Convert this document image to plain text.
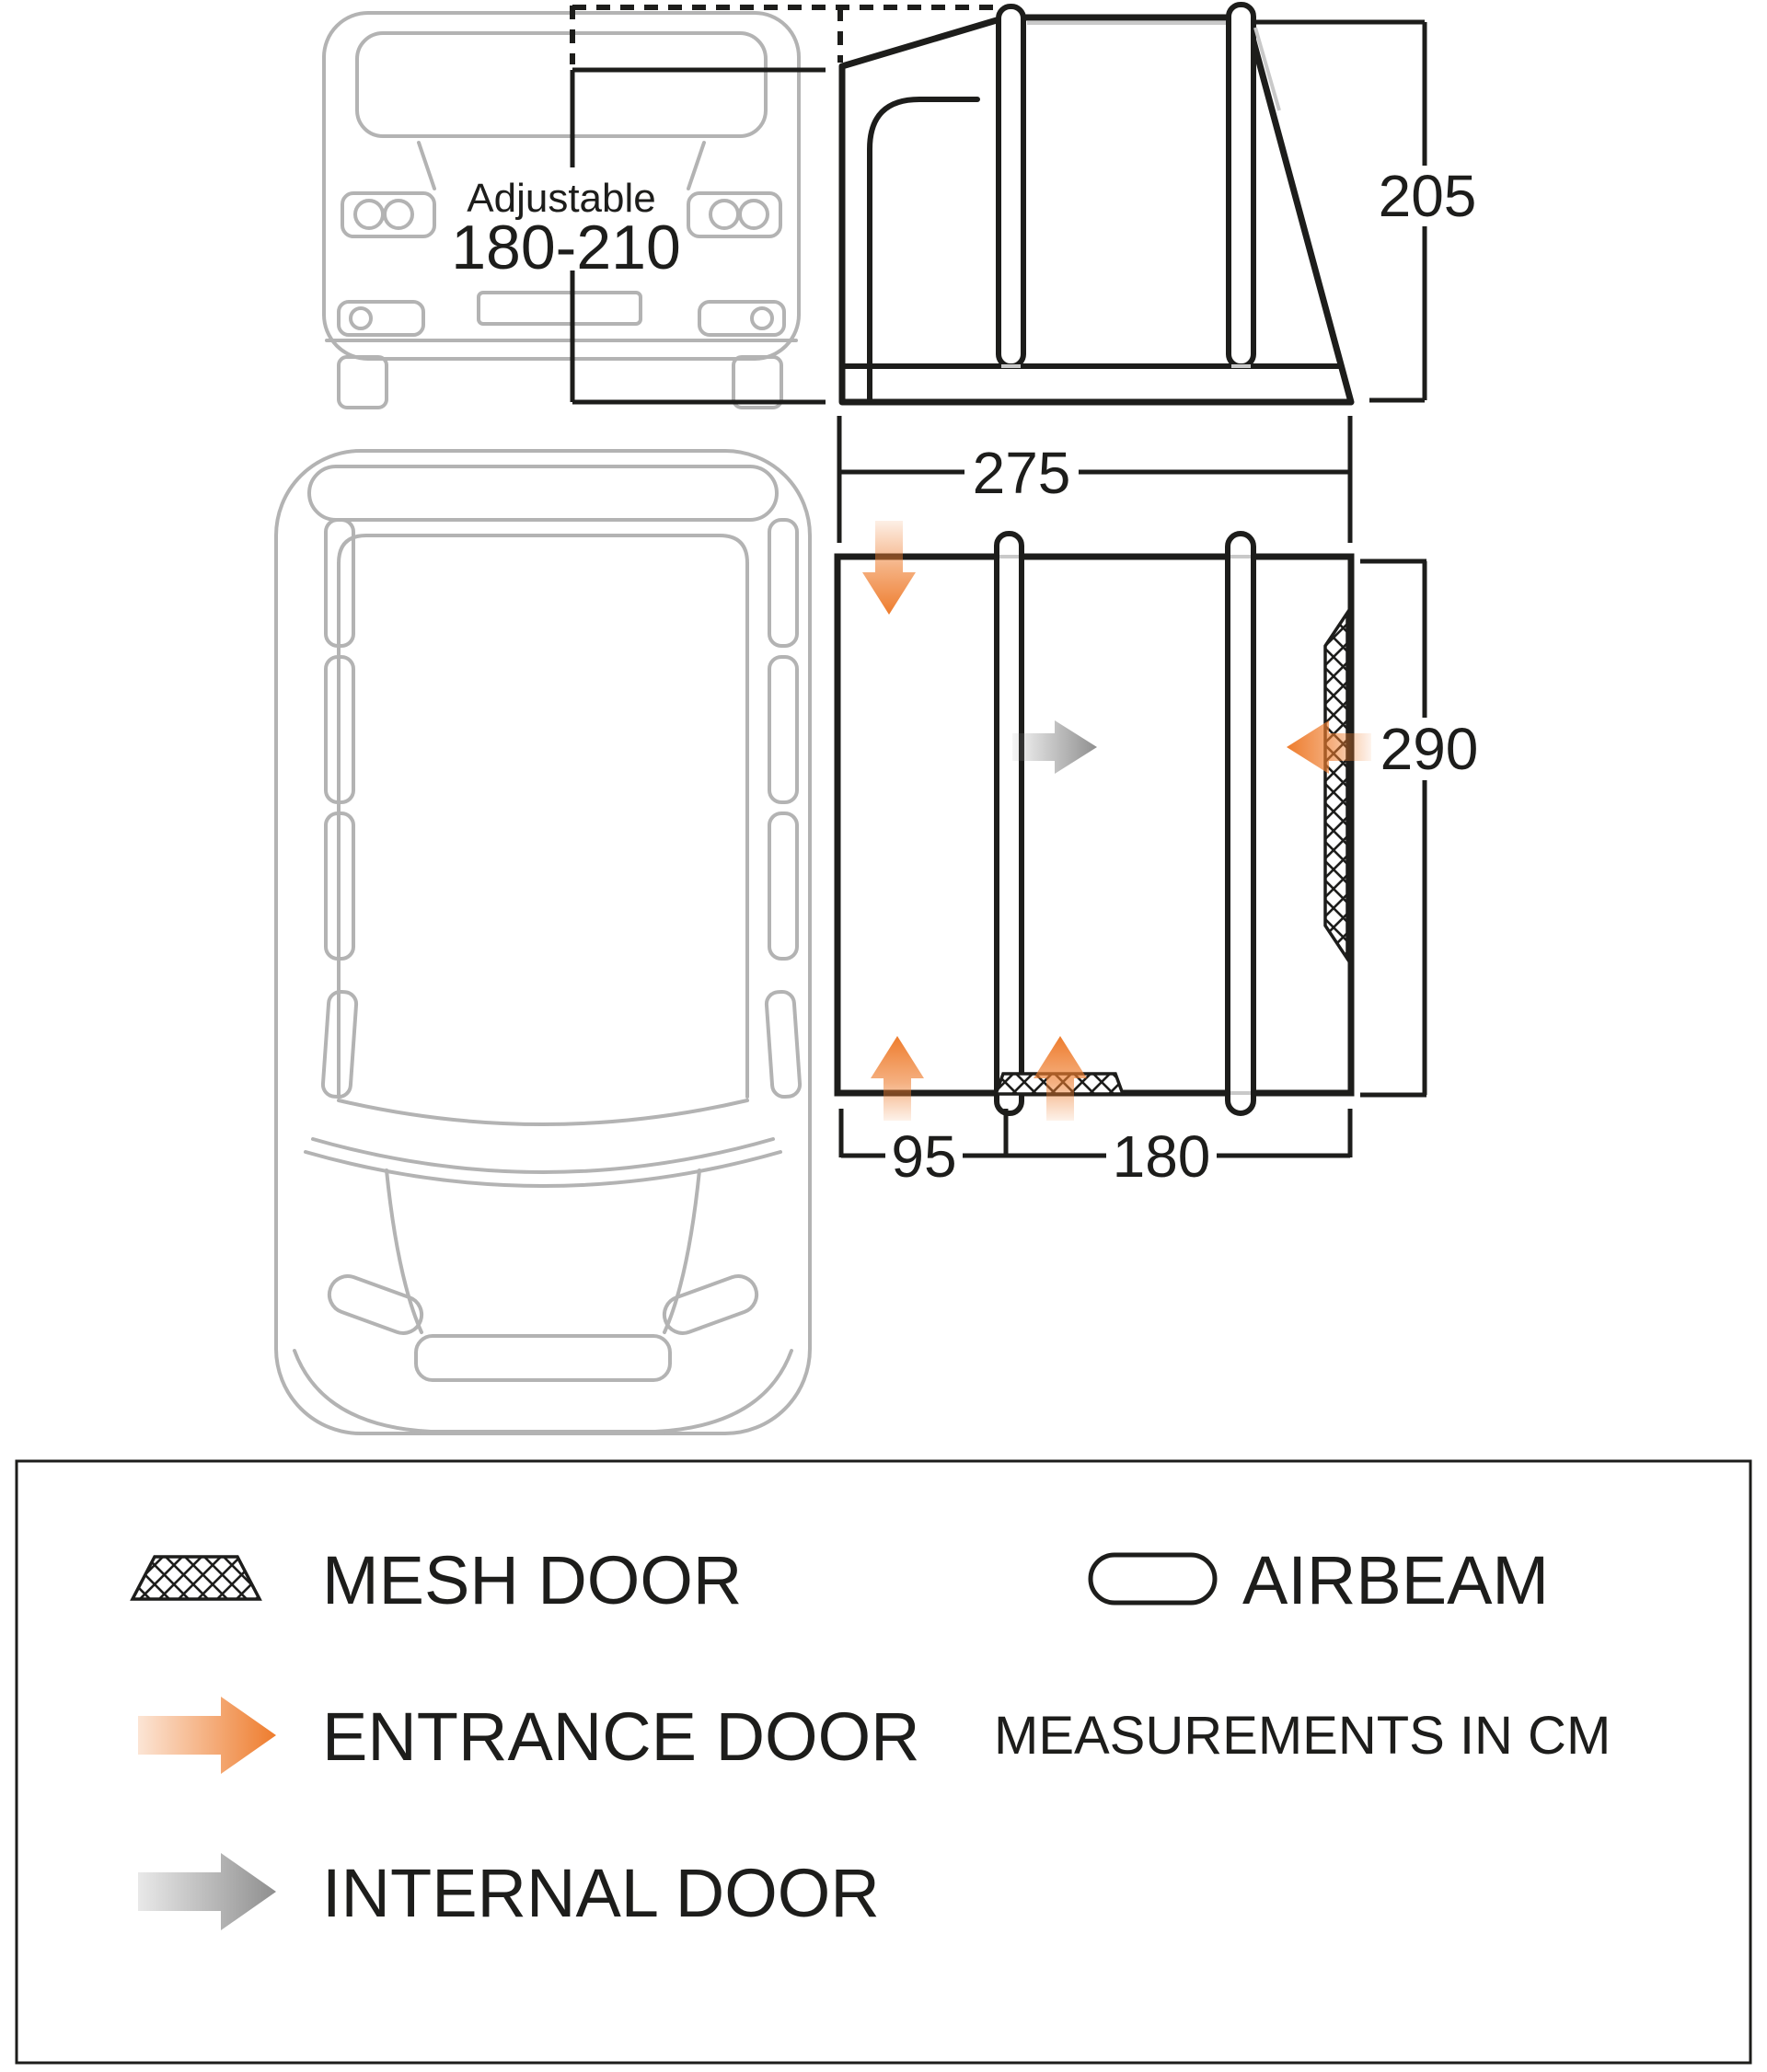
Adjustable
180-210
205
275
290
95	180
MESH DOOR	AIRBEAM
ENTRANCE DOOR MEASUREMENTS IN CM
INTERNAL DOOR
